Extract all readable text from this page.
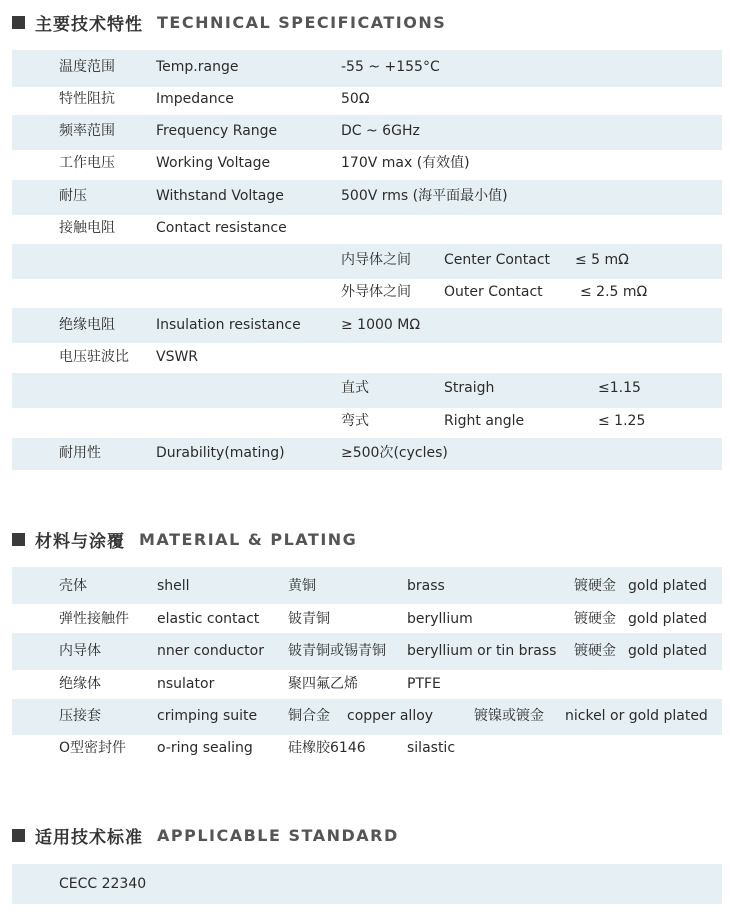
主要技术特性 TECHNICAL SPECIFICATIONS
温度范围	Temp.range	-55 ~ +155°C
特性阻抗	Impedance	50Ω
频率范围	Frequency Range	DC ~ 6GHz
工作电压	Working Voltage	170V max (有效值)
耐压	Withstand Voltage	500V rms (海平面最小值)
接触电阻	Contact resistance
内导体之间 Center Contact ≤ 5 mΩ
外导体之间 Outer Contact	≤ 2.5 mΩ
绝缘电阻	Insulation resistance	≥ 1000 MΩ
电压驻波比 VSWR
直式	Straigh	≤1.15
弯式	Right angle	≤ 1.25
耐用性	Durability(mating)	≥500次(cycles)
材料与涂覆 MATERIAL & PLATING
壳体	shell	黄铜	brass	镀硬金 gold plated
弹性接触件 elastic contact 铍青铜	beryllium	镀硬金 gold plated
内导体	nner conductor 铍青铜或锡青铜 beryllium or tin brass 镀硬金 gold plated
绝缘体	nsulator	聚四氟乙烯	PTFE
压接套	crimping suite 铜合金 copper alloy	镀镍或镀金 nickel or gold plated
O型密封件 o-ring sealing	硅橡胶6146	silastic
适用技术标准 APPLICABLE STANDARD
CECC 22340
